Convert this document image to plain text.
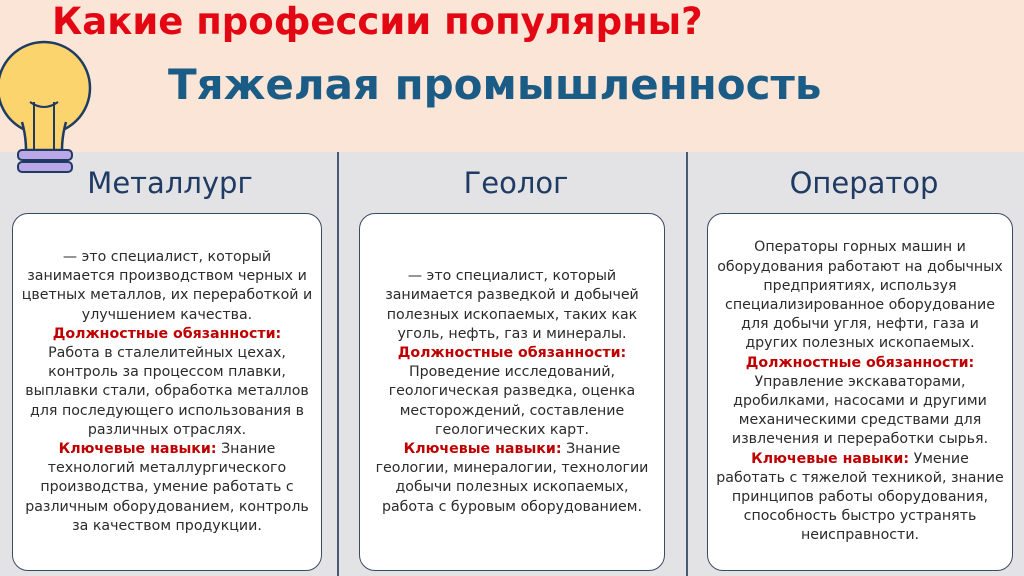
Какие профессии популярны?
Тяжелая промышленность
Металлург	Геолог	Оператор

— это специалист, который занимается производством черных и цветных металлов, их переработкой и улучшением качества.

Должностные обязанности:
Работа в сталелитейных цехах, контроль за процессом плавки, выплавки стали, обработка металлов для последующего использования в различных отраслях.

Ключевые навыки: Знание технологий металлургического производства, умение работать с различным оборудованием, контроль за качеством продукции.

— это специалист, который занимается разведкой и добычей полезных ископаемых, таких как уголь, нефть, газ и минералы.

Должностные обязанности:
Проведение исследований, геологическая разведка, оценка месторождений, составление геологических карт.

Ключевые навыки: Знание геологии, минералогии, технологии добычи полезных ископаемых, работа с буровым оборудованием.

Операторы горных машин и оборудования работают на добычных предприятиях, используя специализированное оборудование для добычи угля, нефти, газа и других полезных ископаемых.

Должностные обязанности:
Управление экскаваторами, дробилками, насосами и другими механическими средствами для извлечения и переработки сырья.

Ключевые навыки: Умение работать с тяжелой техникой, знание принципов работы оборудования, способность быстро устранять неисправности.
